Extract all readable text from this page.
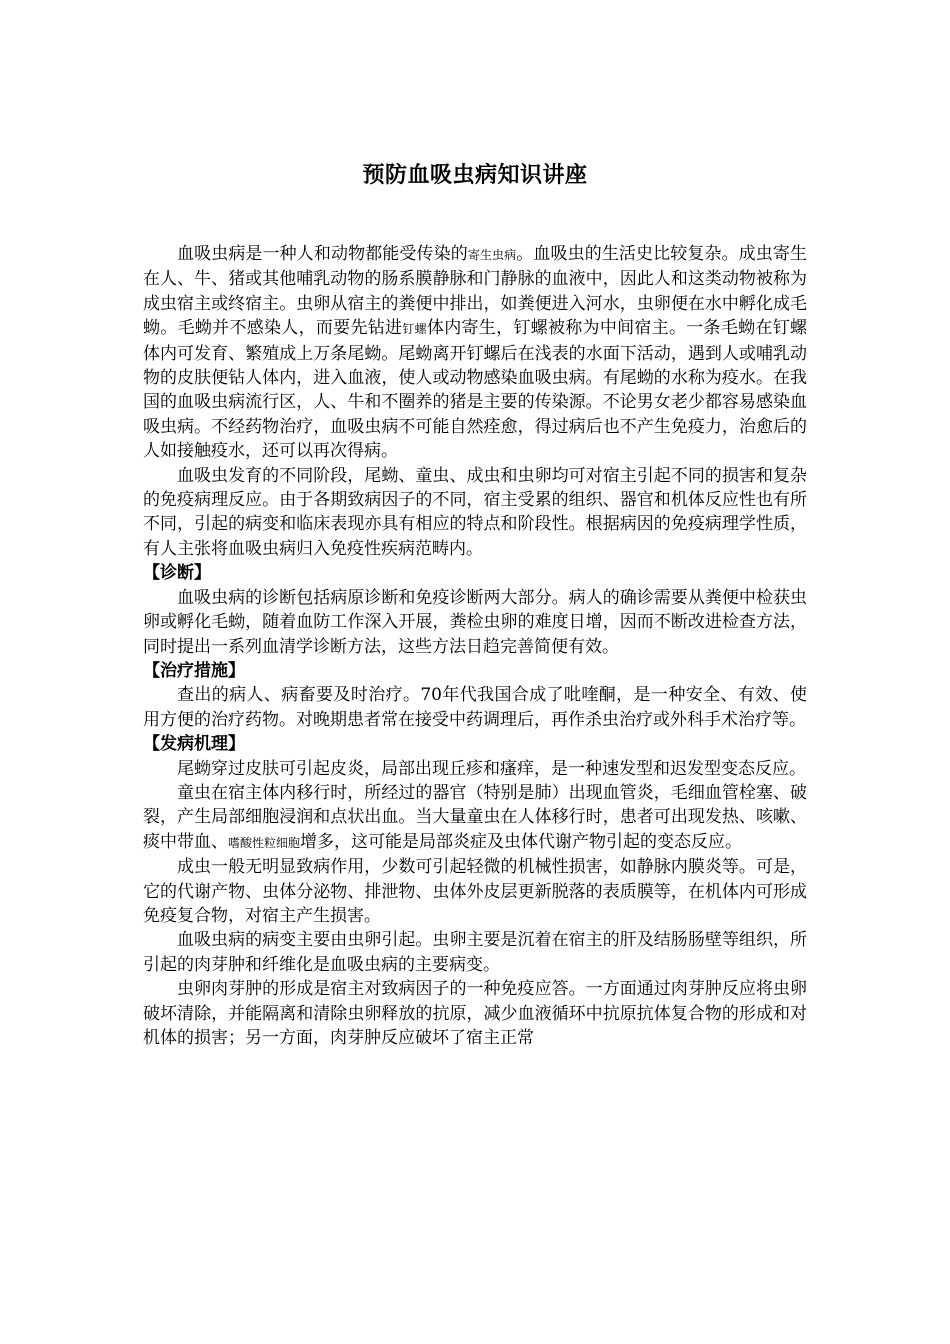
预防血吸虫病知识讲座

血吸虫病是一种人和动物都能受传染的寄生虫病。血吸虫的生活史比较复杂。成虫寄生在人、牛、猪或其他哺乳动物的肠系膜静脉和门静脉的血液中，因此人和这类动物被称为成虫宿主或终宿主。虫卵从宿主的粪便中排出，如粪便进入河水，虫卵便在水中孵化成毛蚴。毛蚴并不感染人，而要先钻进钉螺体内寄生，钉螺被称为中间宿主。一条毛蚴在钉螺体内可发育、繁殖成上万条尾蚴。尾蚴离开钉螺后在浅表的水面下活动，遇到人或哺乳动物的皮肤便钻人体内，进入血液，使人或动物感染血吸虫病。有尾蚴的水称为疫水。在我国的血吸虫病流行区，人、牛和不圈养的猪是主要的传染源。不论男女老少都容易感染血吸虫病。不经药物治疗，血吸虫病不可能自然痊愈，得过病后也不产生免疫力，治愈后的人如接触疫水，还可以再次得病。

血吸虫发育的不同阶段，尾蚴、童虫、成虫和虫卵均可对宿主引起不同的损害和复杂的免疫病理反应。由于各期致病因子的不同，宿主受累的组织、器官和机体反应性也有所不同，引起的病变和临床表现亦具有相应的特点和阶段性。根据病因的免疫病理学性质，有人主张将血吸虫病归入免疫性疾病范畴内。

【诊断】

血吸虫病的诊断包括病原诊断和免疫诊断两大部分。病人的确诊需要从粪便中检获虫卵或孵化毛蚴，随着血防工作深入开展，粪检虫卵的难度日增，因而不断改进检查方法，同时提出一系列血清学诊断方法，这些方法日趋完善简便有效。

【治疗措施】

查出的病人、病畜要及时治疗。70年代我国合成了吡喹酮，是一种安全、有效、使用方便的治疗药物。对晚期患者常在接受中药调理后，再作杀虫治疗或外科手术治疗等。

【发病机理】

尾蚴穿过皮肤可引起皮炎，局部出现丘疹和瘙痒，是一种速发型和迟发型变态反应。

童虫在宿主体内移行时，所经过的器官（特别是肺）出现血管炎，毛细血管栓塞、破裂，产生局部细胞浸润和点状出血。当大量童虫在人体移行时，患者可出现发热、咳嗽、痰中带血、嗜酸性粒细胞增多，这可能是局部炎症及虫体代谢产物引起的变态反应。

成虫一般无明显致病作用，少数可引起轻微的机械性损害，如静脉内膜炎等。可是，它的代谢产物、虫体分泌物、排泄物、虫体外皮层更新脱落的表质膜等，在机体内可形成免疫复合物，对宿主产生损害。

血吸虫病的病变主要由虫卵引起。虫卵主要是沉着在宿主的肝及结肠肠壁等组织，所引起的肉芽肿和纤维化是血吸虫病的主要病变。

虫卵肉芽肿的形成是宿主对致病因子的一种免疫应答。一方面通过肉芽肿反应将虫卵破坏清除，并能隔离和清除虫卵释放的抗原，减少血液循环中抗原抗体复合物的形成和对机体的损害；另一方面，肉芽肿反应破坏了宿主正常
